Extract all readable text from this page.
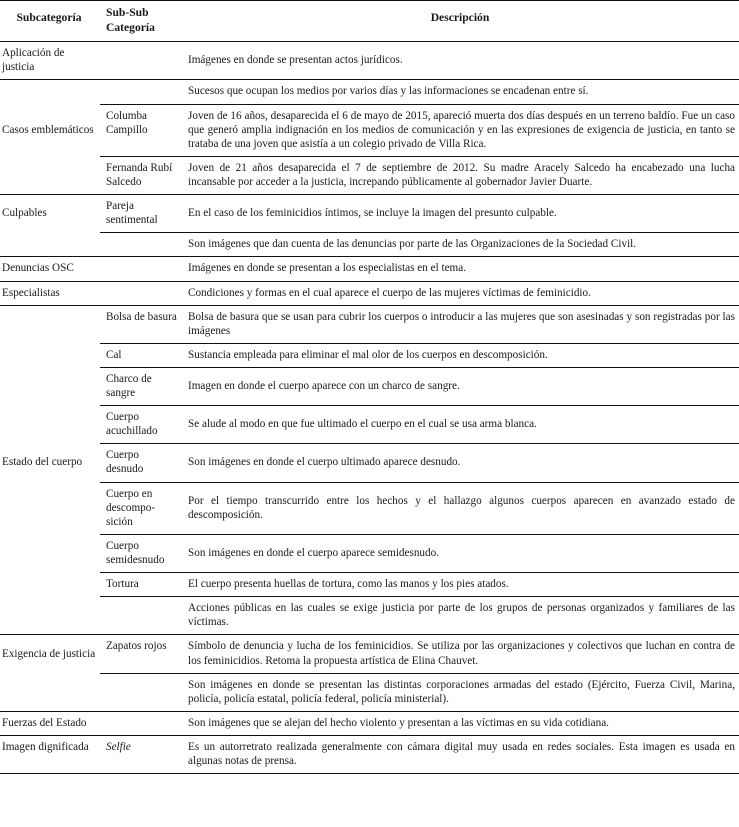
Subcategoría	Sub-Sub Categoría	Descripción
Aplicación de justicia		Imágenes en donde se presentan actos jurídicos.
		Sucesos que ocupan los medios por varios días y las informaciones se encadenan entre sí.
Casos emblemáticos	Columba Campillo	Joven de 16 años, desaparecida el 6 de mayo de 2015, apareció muerta dos días después en un terreno baldío. Fue un caso que generó amplia indignación en los medios de comunicación y en las expresiones de exigencia de justicia, en tanto se trataba de una joven que asistía a un colegio privado de Villa Rica.
	Fernanda Rubí Salcedo	Joven de 21 años desaparecida el 7 de septiembre de 2012. Su madre Aracely Salcedo ha encabezado una lucha incansable por acceder a la justicia, increpando públicamente al gobernador Javier Duarte.
Culpables	Pareja sentimental	En el caso de los feminicidios íntimos, se incluye la imagen del presunto culpable.
		Son imágenes que dan cuenta de las denuncias por parte de las Organizaciones de la Sociedad Civil.
Denuncias OSC		Imágenes en donde se presentan a los especialistas en el tema.
Especialistas		Condiciones y formas en el cual aparece el cuerpo de las mujeres víctimas de feminicidio.
	Bolsa de basura	Bolsa de basura que se usan para cubrir los cuerpos o introducir a las mujeres que son asesinadas y son registradas por las imágenes
	Cal	Sustancia empleada para eliminar el mal olor de los cuerpos en descomposición.
	Charco de sangre	Imagen en donde el cuerpo aparece con un charco de sangre.
	Cuerpo acuchillado	Se alude al modo en que fue ultimado el cuerpo en el cual se usa arma blanca.
Estado del cuerpo	Cuerpo desnudo	Son imágenes en donde el cuerpo ultimado aparece desnudo.
	Cuerpo en descompo-sición	Por el tiempo transcurrido entre los hechos y el hallazgo algunos cuerpos aparecen en avanzado estado de descomposición.
	Cuerpo semidesnudo	Son imágenes en donde el cuerpo aparece semidesnudo.
	Tortura	El cuerpo presenta huellas de tortura, como las manos y los pies atados.
		Acciones públicas en las cuales se exige justicia por parte de los grupos de personas organizados y familiares de las víctimas.
Exigencia de justicia	Zapatos rojos	Símbolo de denuncia y lucha de los feminicidios. Se utiliza por las organizaciones y colectivos que luchan en contra de los feminicidios. Retoma la propuesta artística de Elina Chauvet.
		Son imágenes en donde se presentan las distintas corporaciones armadas del estado (Ejército, Fuerza Civil, Marina, policía, policía estatal, policía federal, policía ministerial).
Fuerzas del Estado		Son imágenes que se alejan del hecho violento y presentan a las víctimas en su vida cotidiana.
Imagen dignificada	Selfie	Es un autorretrato realizada generalmente con cámara digital muy usada en redes sociales. Esta imagen es usada en algunas notas de prensa.
